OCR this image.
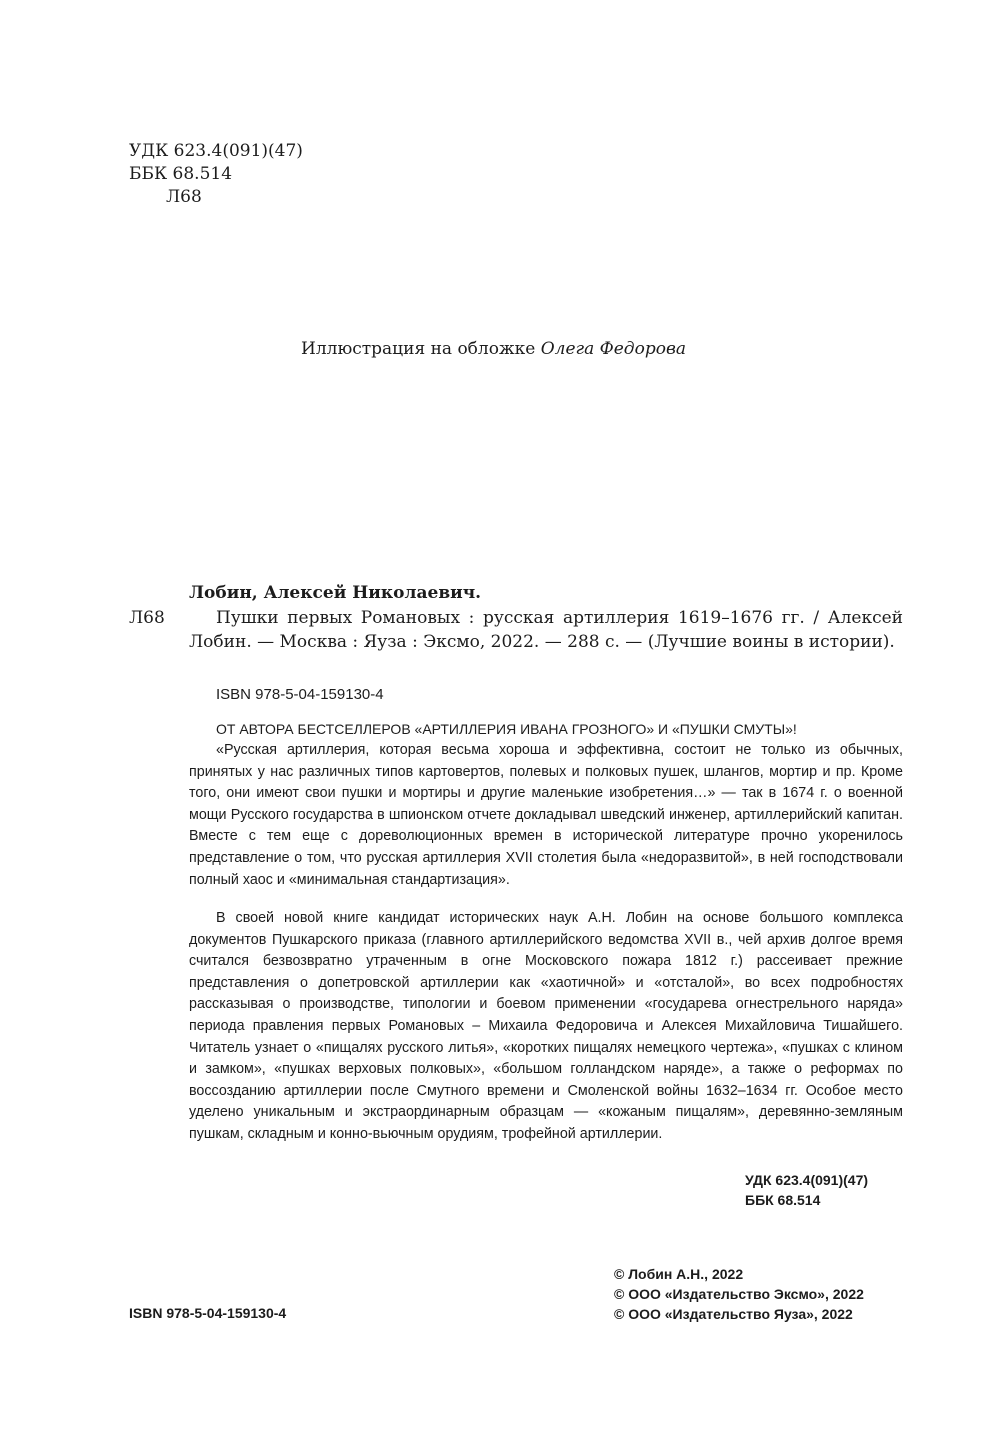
УДК 623.4(091)(47)
ББК 68.514
Л68
Иллюстрация на обложке Олега Федорова
Лобин, Алексей Николаевич.
Л68	Пушки первых Романовых : русская артиллерия 1619–1676 гг. / Алексей Лобин. — Москва : Яуза : Эксмо, 2022. — 288 с. — (Лучшие воины в истории).

ISBN 978-5-04-159130-4
ОТ АВТОРА БЕСТСЕЛЛЕРОВ «АРТИЛЛЕРИЯ ИВАНА ГРОЗНОГО» И «ПУШКИ СМУТЫ»!

«Русская артиллерия, которая весьма хороша и эффективна, состоит не только из обычных, принятых у нас различных типов картовертов, полевых и полковых пушек, шлангов, мортир и пр. Кроме того, они имеют свои пушки и мортиры и другие маленькие изобретения…» — так в 1674 г. о военной мощи Русского государства в шпионском отчете докладывал шведский инженер, артиллерийский капитан. Вместе с тем еще с дореволюционных времен в исторической литературе прочно укоренилось представление о том, что русская артиллерия XVII столетия была «недоразвитой», в ней господствовали полный хаос и «минимальная стандартизация».

В своей новой книге кандидат исторических наук А.Н. Лобин на основе большого комплекса документов Пушкарского приказа (главного артиллерийского ведомства XVII в., чей архив долгое время считался безвозвратно утраченным в огне Московского пожара 1812 г.) рассеивает прежние представления о допетровской артиллерии как «хаотичной» и «отсталой», во всех подробностях рассказывая о производстве, типологии и боевом применении «государева огнестрельного наряда» периода правления первых Романовых – Михаила Федоровича и Алексея Михайловича Тишайшего. Читатель узнает о «пищалях русского литья», «коротких пищалях немецкого чертежа», «пушках с клином и замком», «пушках верховых полковых», «большом голландском наряде», а также о реформах по воссозданию артиллерии после Смутного времени и Смоленской войны 1632–1634 гг. Особое место уделено уникальным и экстраординарным образцам — «кожаным пищалям», деревянно-земляным пушкам, складным и конно-вьючным орудиям, трофейной артиллерии.

УДК 623.4(091)(47)
ББК 68.514
ISBN 978-5-04-159130-4
© Лобин А.Н., 2022
© ООО «Издательство Эксмо», 2022
© ООО «Издательство Яуза», 2022
